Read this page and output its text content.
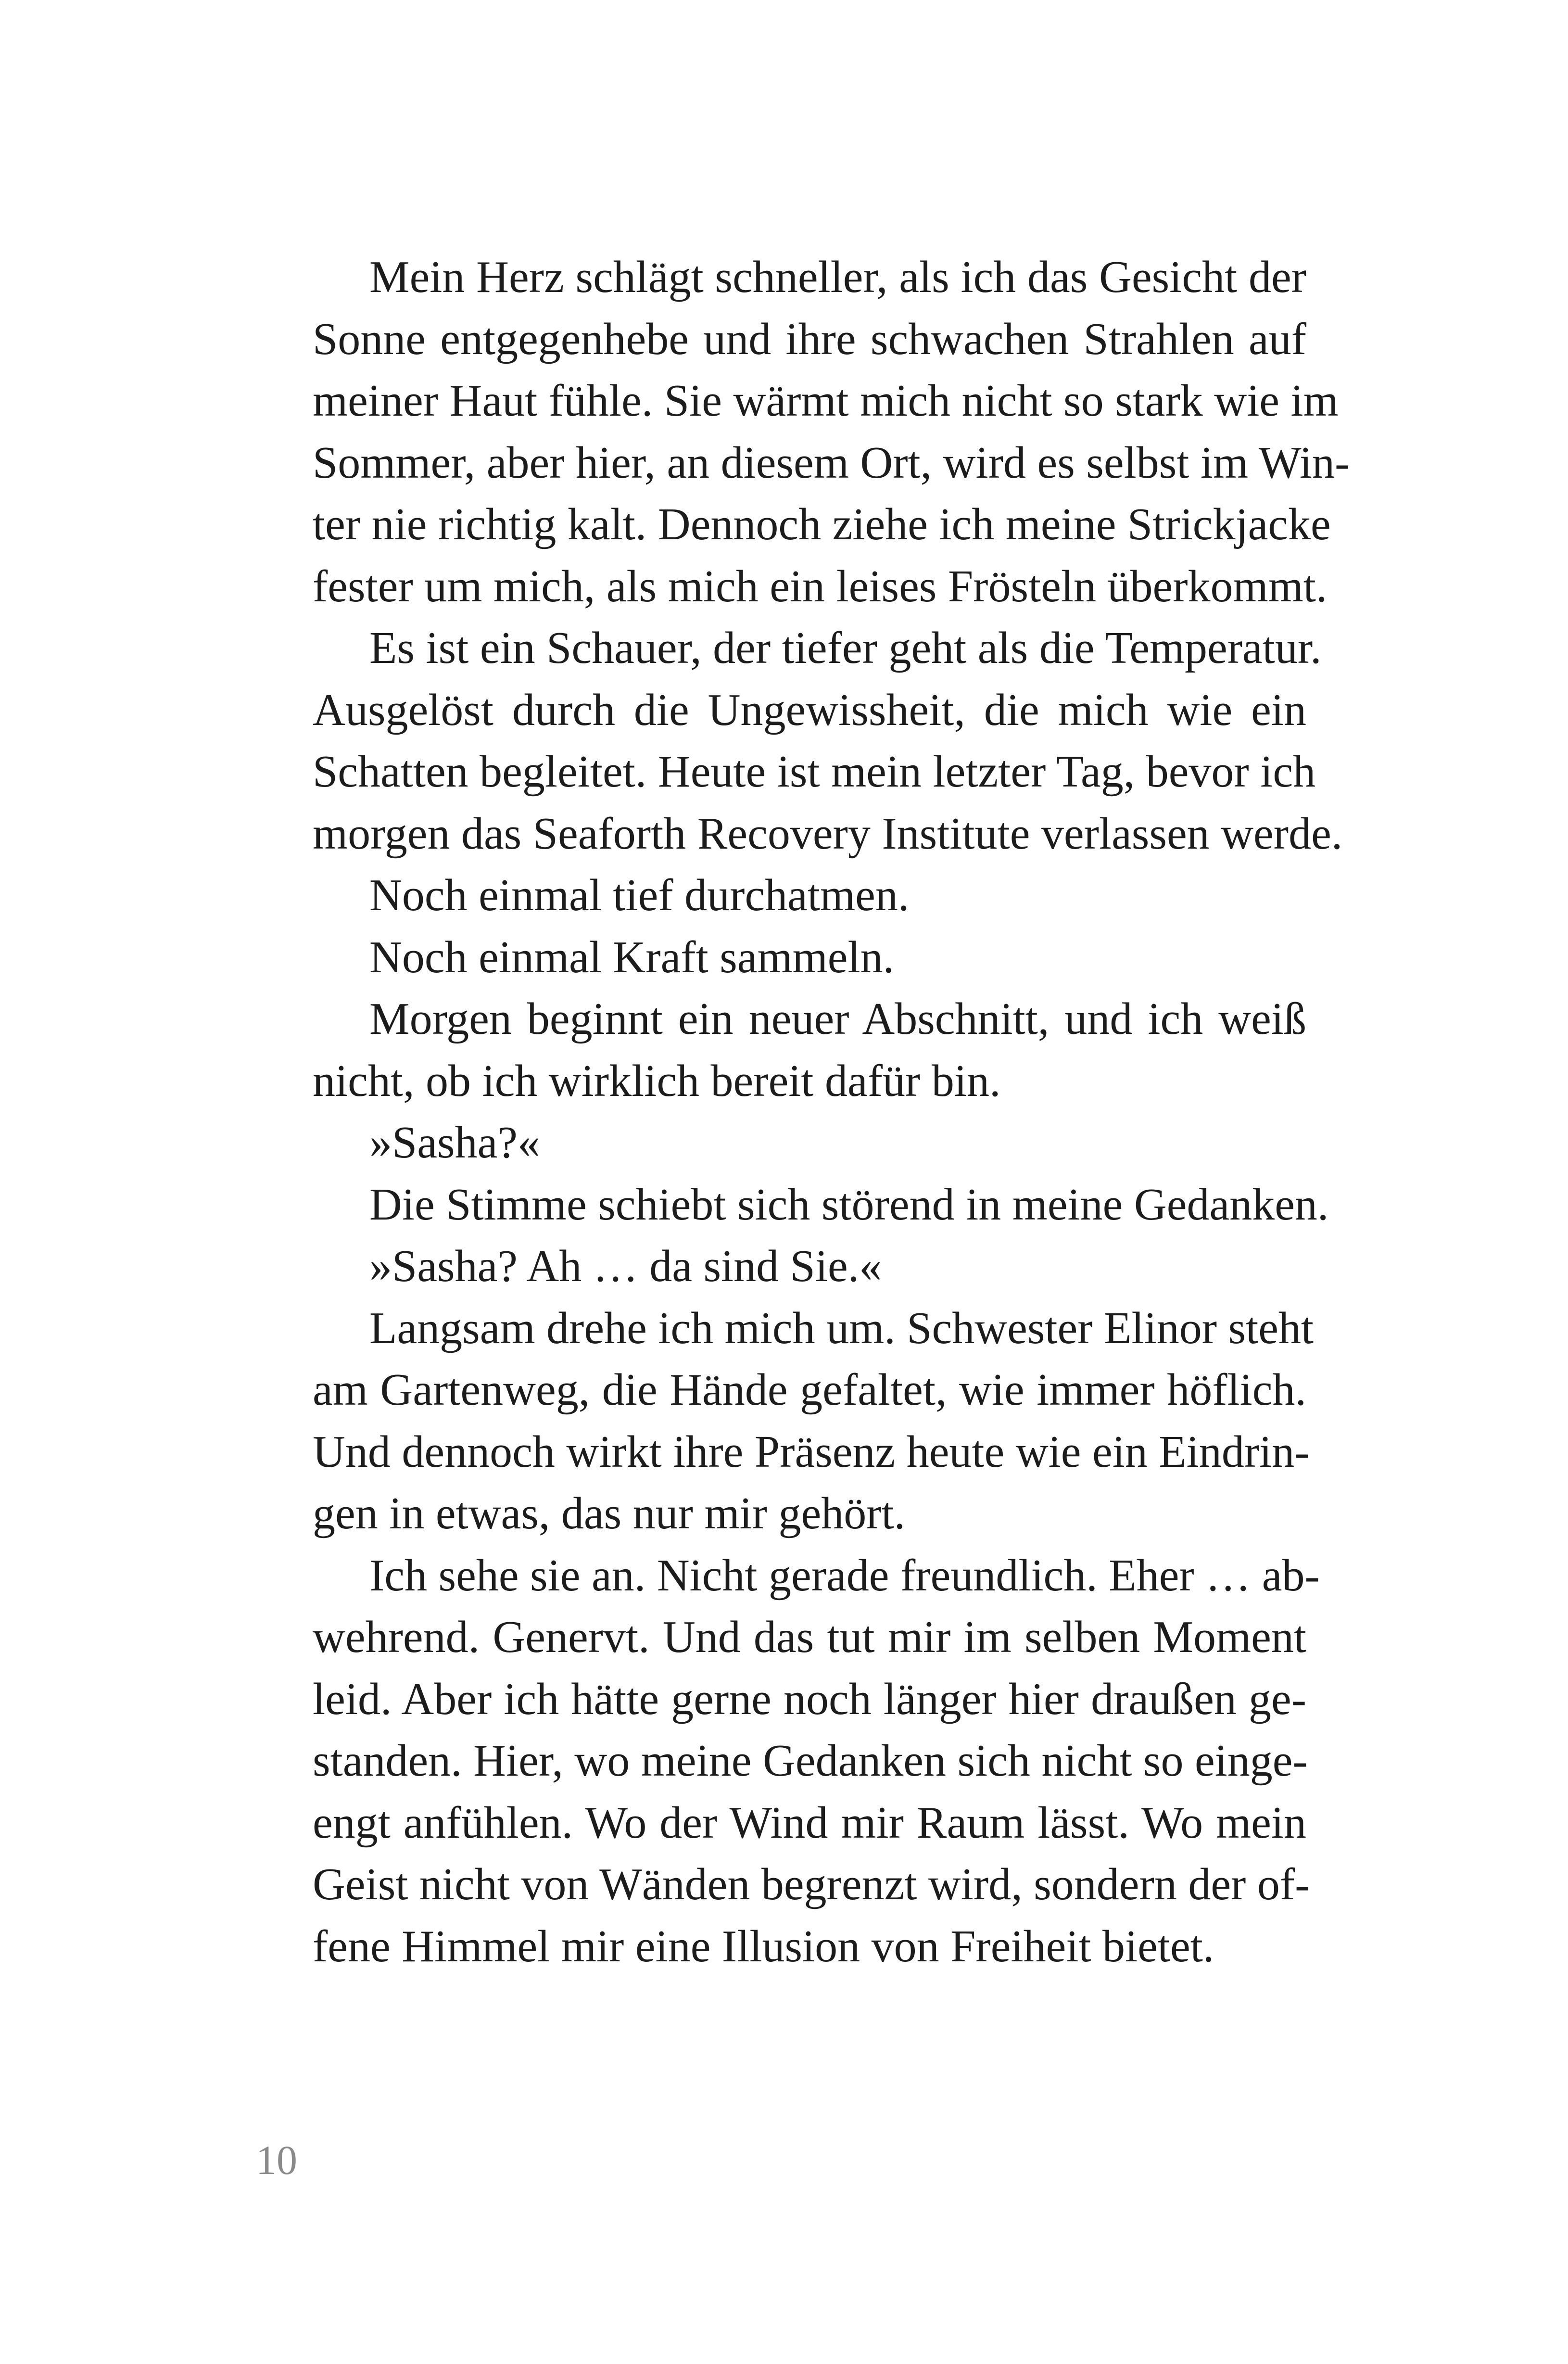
Mein Herz schlägt schneller, als ich das Gesicht der
Sonne entgegenhebe und ihre schwachen Strahlen auf
meiner Haut fühle. Sie wärmt mich nicht so stark wie im
Sommer, aber hier, an diesem Ort, wird es selbst im Win-
ter nie richtig kalt. Dennoch ziehe ich meine Strickjacke
fester um mich, als mich ein leises Frösteln überkommt.
Es ist ein Schauer, der tiefer geht als die Temperatur.
Ausgelöst durch die Ungewissheit, die mich wie ein
Schatten begleitet. Heute ist mein letzter Tag, bevor ich
morgen das Seaforth Recovery Institute verlassen werde.
Noch einmal tief durchatmen.
Noch einmal Kraft sammeln.
Morgen beginnt ein neuer Abschnitt, und ich weiß
nicht, ob ich wirklich bereit dafür bin.
»Sasha?«
Die Stimme schiebt sich störend in meine Gedanken.
»Sasha? Ah … da sind Sie.«
Langsam drehe ich mich um. Schwester Elinor steht
am Gartenweg, die Hände gefaltet, wie immer höflich.
Und dennoch wirkt ihre Präsenz heute wie ein Eindrin-
gen in etwas, das nur mir gehört.
Ich sehe sie an. Nicht gerade freundlich. Eher … ab-
wehrend. Genervt. Und das tut mir im selben Moment
leid. Aber ich hätte gerne noch länger hier draußen ge-
standen. Hier, wo meine Gedanken sich nicht so einge-
engt anfühlen. Wo der Wind mir Raum lässt. Wo mein
Geist nicht von Wänden begrenzt wird, sondern der of-
fene Himmel mir eine Illusion von Freiheit bietet.
10
